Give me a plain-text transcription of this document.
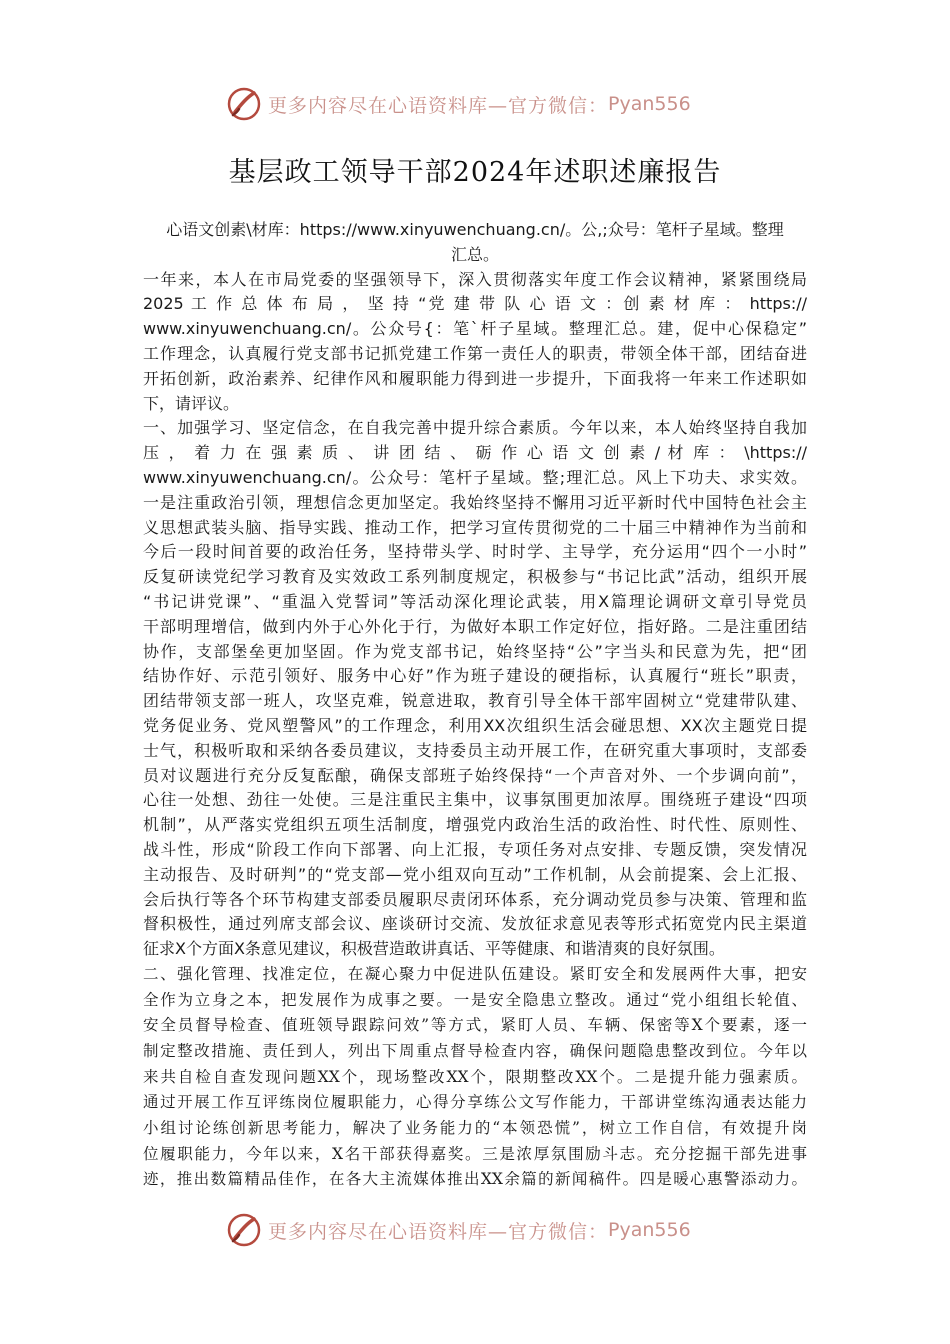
更多内容尽在心语资料库—官方微信： Pyan556
基层政工领导干部2024年述职述廉报告
心语文创素\材库：https://www.xinyuwenchuang.cn/。公,;众号：笔杆子星域。整理
汇总。
一年来，本人在市局党委的坚强领导下，深入贯彻落实年度工作会议精神，紧紧围绕局
2025 工 作 总 体 布 局 ， 坚 持 “党 建 带 队 心 语 文 ：创 素 材 库 ： https://
www.xinyuwenchuang.cn/。公众号{：笔`杆子星域。整理汇总。建，促中心保稳定”
工作理念，认真履行党支部书记抓党建工作第一责任人的职责，带领全体干部，团结奋进
开拓创新，政治素养、纪律作风和履职能力得到进一步提升，下面我将一年来工作述职如
下，请评议。
一、加强学习、坚定信念，在自我完善中提升综合素质。今年以来，本人始终坚持自我加
压 ， 着 力 在 强 素 质 、 讲 团 结 、 砺 作 心 语 文 创 素 / 材 库 ： \https://
www.xinyuwenchuang.cn/。公众号：笔杆子星域。整;理汇总。风上下功夫、求实效。
一是注重政治引领，理想信念更加坚定。我始终坚持不懈用习近平新时代中国特色社会主
义思想武装头脑、指导实践、推动工作，把学习宣传贯彻党的二十届三中精神作为当前和
今后一段时间首要的政治任务，坚持带头学、时时学、主导学，充分运用“四个一小时”
反复研读党纪学习教育及实效政工系列制度规定，积极参与“书记比武”活动，组织开展
“书记讲党课”、“重温入党誓词”等活动深化理论武装，用X篇理论调研文章引导党员
干部明理增信，做到内外于心外化于行，为做好本职工作定好位，指好路。二是注重团结
协作，支部堡垒更加坚固。作为党支部书记，始终坚持“公”字当头和民意为先，把“团
结协作好、示范引领好、服务中心好”作为班子建设的硬指标，认真履行“班长”职责，
团结带领支部一班人，攻坚克难，锐意进取，教育引导全体干部牢固树立“党建带队建、
党务促业务、党风塑警风”的工作理念，利用XX次组织生活会碰思想、XX次主题党日提
士气，积极听取和采纳各委员建议，支持委员主动开展工作，在研究重大事项时，支部委
员对议题进行充分反复酝酿，确保支部班子始终保持“一个声音对外、一个步调向前”，
心往一处想、劲往一处使。三是注重民主集中，议事氛围更加浓厚。围绕班子建设“四项
机制”，从严落实党组织五项生活制度，增强党内政治生活的政治性、时代性、原则性、
战斗性，形成“阶段工作向下部署、向上汇报，专项任务对点安排、专题反馈，突发情况
主动报告、及时研判”的“党支部—党小组双向互动”工作机制，从会前提案、会上汇报、
会后执行等各个环节构建支部委员履职尽责闭环体系，充分调动党员参与决策、管理和监
督积极性，通过列席支部会议、座谈研讨交流、发放征求意见表等形式拓宽党内民主渠道
征求X个方面X条意见建议，积极营造敢讲真话、平等健康、和谐清爽的良好氛围。
二、强化管理、找准定位，在凝心聚力中促进队伍建设。紧盯安全和发展两件大事，把安
全作为立身之本，把发展作为成事之要。一是安全隐患立整改。通过“党小组组长轮值、
安全员督导检查、值班领导跟踪问效”等方式，紧盯人员、车辆、保密等X个要素，逐一
制定整改措施、责任到人，列出下周重点督导检查内容，确保问题隐患整改到位。今年以
来共自检自查发现问题XX个，现场整改XX个，限期整改XX个。二是提升能力强素质。
通过开展工作互评练岗位履职能力，心得分享练公文写作能力，干部讲堂练沟通表达能力
小组讨论练创新思考能力，解决了业务能力的“本领恐慌”，树立工作自信，有效提升岗
位履职能力，今年以来，X名干部获得嘉奖。三是浓厚氛围励斗志。充分挖掘干部先进事
迹，推出数篇精品佳作，在各大主流媒体推出XX余篇的新闻稿件。四是暖心惠警添动力。
更多内容尽在心语资料库—官方微信： Pyan556
